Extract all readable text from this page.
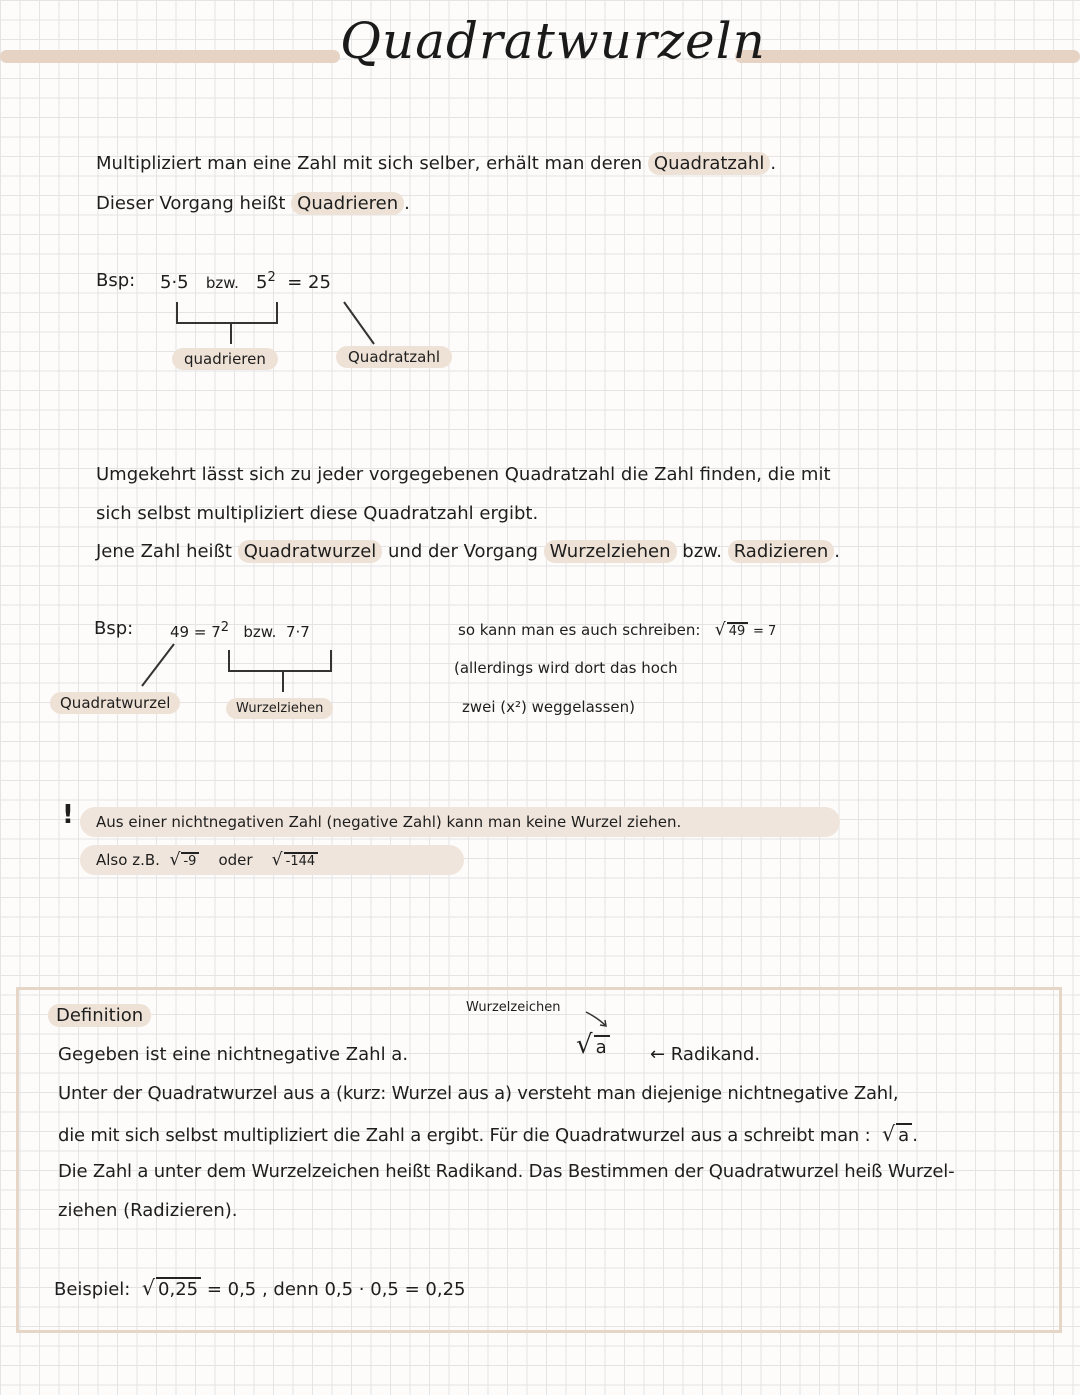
Quadratwurzeln
Multipliziert man eine Zahl mit sich selber, erhält man deren Quadratzahl .
Dieser Vorgang heißt Quadrieren .
Bsp: 5·5 bzw. $5^2 = 25$
quadrieren	Quadratzahl
Umgekehrt lässt sich zu jeder vorgegebenen Quadratzahl die Zahl finden, die mit
sich selbst multipliziert diese Quadratzahl ergibt.
Jene Zahl heißt Quadratwurzel und der Vorgang Wurzelziehen bzw. Radizieren .
Bsp: $49 = 7^2$ bzw. 7·7
Quadratwurzel	Wurzelziehen
so kann man es auch schreiben: √ 49 = 7
(allerdings wird dort das hoch
zwei (x²) weggelassen)
! Aus einer nichtnegativen Zahl (negative Zahl) kann man keine Wurzel ziehen.
Also z.B. √ -9 oder √ -144
Definition	Wurzelzeichen
√ a ← Radikand.
Gegeben ist eine nichtnegative Zahl a.
Unter der Quadratwurzel aus a (kurz: Wurzel aus a) versteht man diejenige nichtnegative Zahl,
die mit sich selbst multipliziert die Zahl a ergibt. Für die Quadratwurzel aus a schreibt man : √ a .
Die Zahl a unter dem Wurzelzeichen heißt Radikand. Das Bestimmen der Quadratwurzel heiß Wurzel-
ziehen (Radizieren).
Beispiel: √ 0,25 = 0,5 , denn 0,5 · 0,5 = 0,25
